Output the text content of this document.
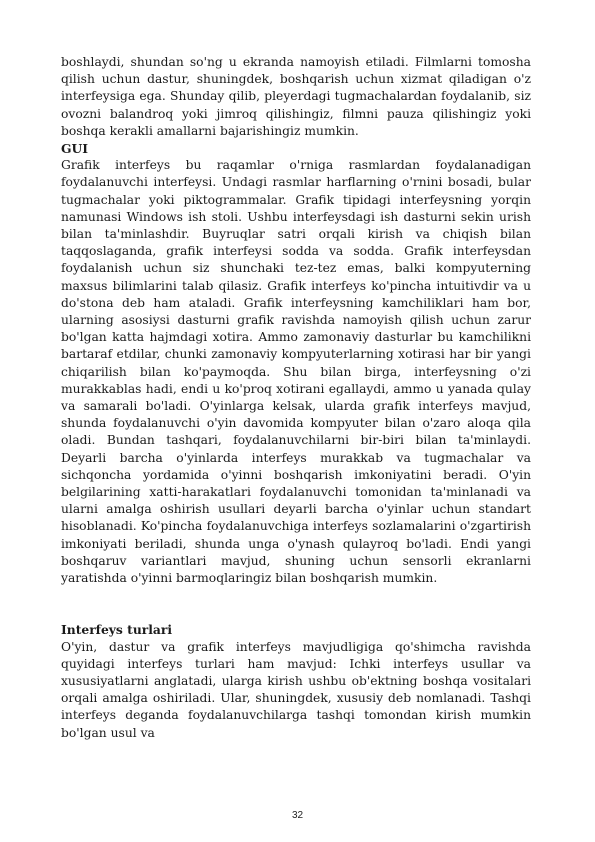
boshlaydi, shundan so'ng u ekranda namoyish etiladi. Filmlarni tomosha qilish uchun dastur, shuningdek, boshqarish uchun xizmat qiladigan o'z interfeysiga ega. Shunday qilib, pleyerdagi tugmachalardan foydalanib, siz ovozni balandroq yoki jimroq qilishingiz, filmni pauza qilishingiz yoki boshqa kerakli amallarni bajarishingiz mumkin.

GUI

Grafik interfeys bu raqamlar o'rniga rasmlardan foydalanadigan foydalanuvchi interfeysi. Undagi rasmlar harflarning o'rnini bosadi, bular tugmachalar yoki piktogrammalar. Grafik tipidagi interfeysning yorqin namunasi Windows ish stoli. Ushbu interfeysdagi ish dasturni sekin urish bilan ta'minlashdir. Buyruqlar satri orqali kirish va chiqish bilan taqqoslaganda, grafik interfeysi sodda va sodda. Grafik interfeysdan foydalanish uchun siz shunchaki tez-tez emas, balki kompyuterning maxsus bilimlarini talab qilasiz. Grafik interfeys ko'pincha intuitivdir va u do'stona deb ham ataladi. Grafik interfeysning kamchiliklari ham bor, ularning asosiysi dasturni grafik ravishda namoyish qilish uchun zarur bo'lgan katta hajmdagi xotira. Ammo zamonaviy dasturlar bu kamchilikni bartaraf etdilar, chunki zamonaviy kompyuterlarning xotirasi har bir yangi chiqarilish bilan ko'paymoqda. Shu bilan birga, interfeysning o'zi murakkablas hadi, endi u ko'proq xotirani egallaydi, ammo u yanada qulay va samarali bo'ladi. O'yinlarga kelsak, ularda grafik interfeys mavjud, shunda foydalanuvchi o'yin davomida kompyuter bilan o'zaro aloqa qila oladi. Bundan tashqari, foydalanuvchilarni bir-biri bilan ta'minlaydi. Deyarli barcha o'yinlarda interfeys murakkab va tugmachalar va sichqoncha yordamida o'yinni boshqarish imkoniyatini beradi. O'yin belgilarining xatti-harakatlari foydalanuvchi tomonidan ta'minlanadi va ularni amalga oshirish usullari deyarli barcha o'yinlar uchun standart hisoblanadi. Ko'pincha foydalanuvchiga interfeys sozlamalarini o'zgartirish imkoniyati beriladi, shunda unga o'ynash qulayroq bo'ladi. Endi yangi boshqaruv variantlari mavjud, shuning uchun sensorli ekranlarni yaratishda o'yinni barmoqlaringiz bilan boshqarish mumkin.

Interfeys turlari

O'yin, dastur va grafik interfeys mavjudligiga qo'shimcha ravishda quyidagi interfeys turlari ham mavjud: Ichki interfeys usullar va xususiyatlarni anglatadi, ularga kirish ushbu ob'ektning boshqa vositalari orqali amalga oshiriladi. Ular, shuningdek, xususiy deb nomlanadi. Tashqi interfeys deganda foydalanuvchilarga tashqi tomondan kirish mumkin bo'lgan usul va

32
